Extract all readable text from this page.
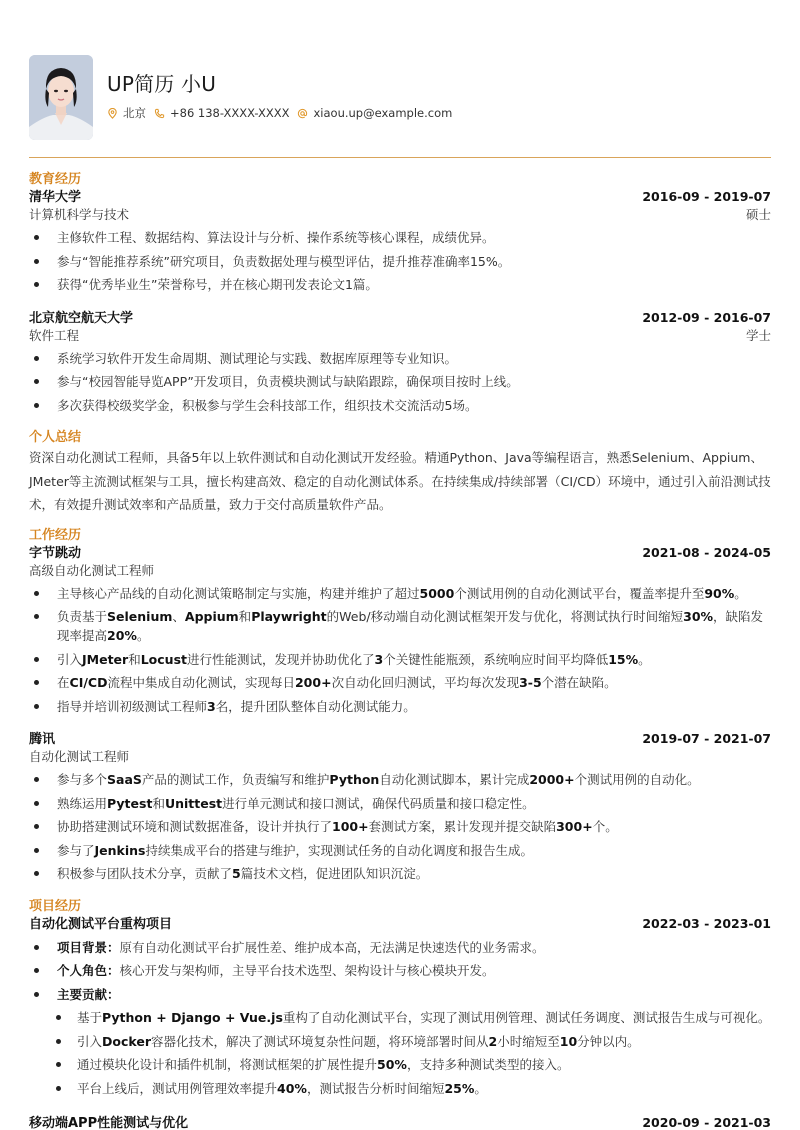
UP简历 小U
北京 +86 138-XXXX-XXXX xiaou.up@example.com
教育经历
清华大学	2016-09 - 2019-07
计算机科学与技术	硕士
主修软件工程、数据结构、算法设计与分析、操作系统等核心课程，成绩优异。
参与“智能推荐系统”研究项目，负责数据处理与模型评估，提升推荐准确率15%。
获得“优秀毕业生”荣誉称号，并在核心期刊发表论文1篇。
北京航空航天大学	2012-09 - 2016-07
软件工程	学士
系统学习软件开发生命周期、测试理论与实践、数据库原理等专业知识。
参与“校园智能导览APP”开发项目，负责模块测试与缺陷跟踪，确保项目按时上线。
多次获得校级奖学金，积极参与学生会科技部工作，组织技术交流活动5场。
个人总结

资深自动化测试工程师，具备5年以上软件测试和自动化测试开发经验。精通Python、Java等编程语言，熟悉Selenium、Appium、JMeter等主流测试框架与工具，擅长构建高效、稳定的自动化测试体系。在持续集成/持续部署（CI/CD）环境中，通过引入前沿测试技术，有效提升测试效率和产品质量，致力于交付高质量软件产品。

工作经历
字节跳动	2021-08 - 2024-05
高级自动化测试工程师
主导核心产品线的自动化测试策略制定与实施，构建并维护了超过5000个测试用例的自动化测试平台，覆盖率提升至90%。
负责基于Selenium、Appium和Playwright的Web/移动端自动化测试框架开发与优化，将测试执行时间缩短30%，缺陷发现率提高20%。
引入JMeter和Locust进行性能测试，发现并协助优化了3个关键性能瓶颈，系统响应时间平均降低15%。
在CI/CD流程中集成自动化测试，实现每日200+次自动化回归测试，平均每次发现3-5个潜在缺陷。
指导并培训初级测试工程师3名，提升团队整体自动化测试能力。
腾讯	2019-07 - 2021-07
自动化测试工程师
参与多个SaaS产品的测试工作，负责编写和维护Python自动化测试脚本，累计完成2000+个测试用例的自动化。
熟练运用Pytest和Unittest进行单元测试和接口测试，确保代码质量和接口稳定性。
协助搭建测试环境和测试数据准备，设计并执行了100+套测试方案，累计发现并提交缺陷300+个。
参与了Jenkins持续集成平台的搭建与维护，实现测试任务的自动化调度和报告生成。
积极参与团队技术分享，贡献了5篇技术文档，促进团队知识沉淀。
项目经历
自动化测试平台重构项目	2022-03 - 2023-01
项目背景：原有自动化测试平台扩展性差、维护成本高，无法满足快速迭代的业务需求。
个人角色：核心开发与架构师，主导平台技术选型、架构设计与核心模块开发。
主要贡献：
基于Python + Django + Vue.js重构了自动化测试平台，实现了测试用例管理、测试任务调度、测试报告生成与可视化。
引入Docker容器化技术，解决了测试环境复杂性问题，将环境部署时间从2小时缩短至10分钟以内。
通过模块化设计和插件机制，将测试框架的扩展性提升50%，支持多种测试类型的接入。
平台上线后，测试用例管理效率提升40%，测试报告分析时间缩短25%。
移动端APP性能测试与优化	2020-09 - 2021-03
